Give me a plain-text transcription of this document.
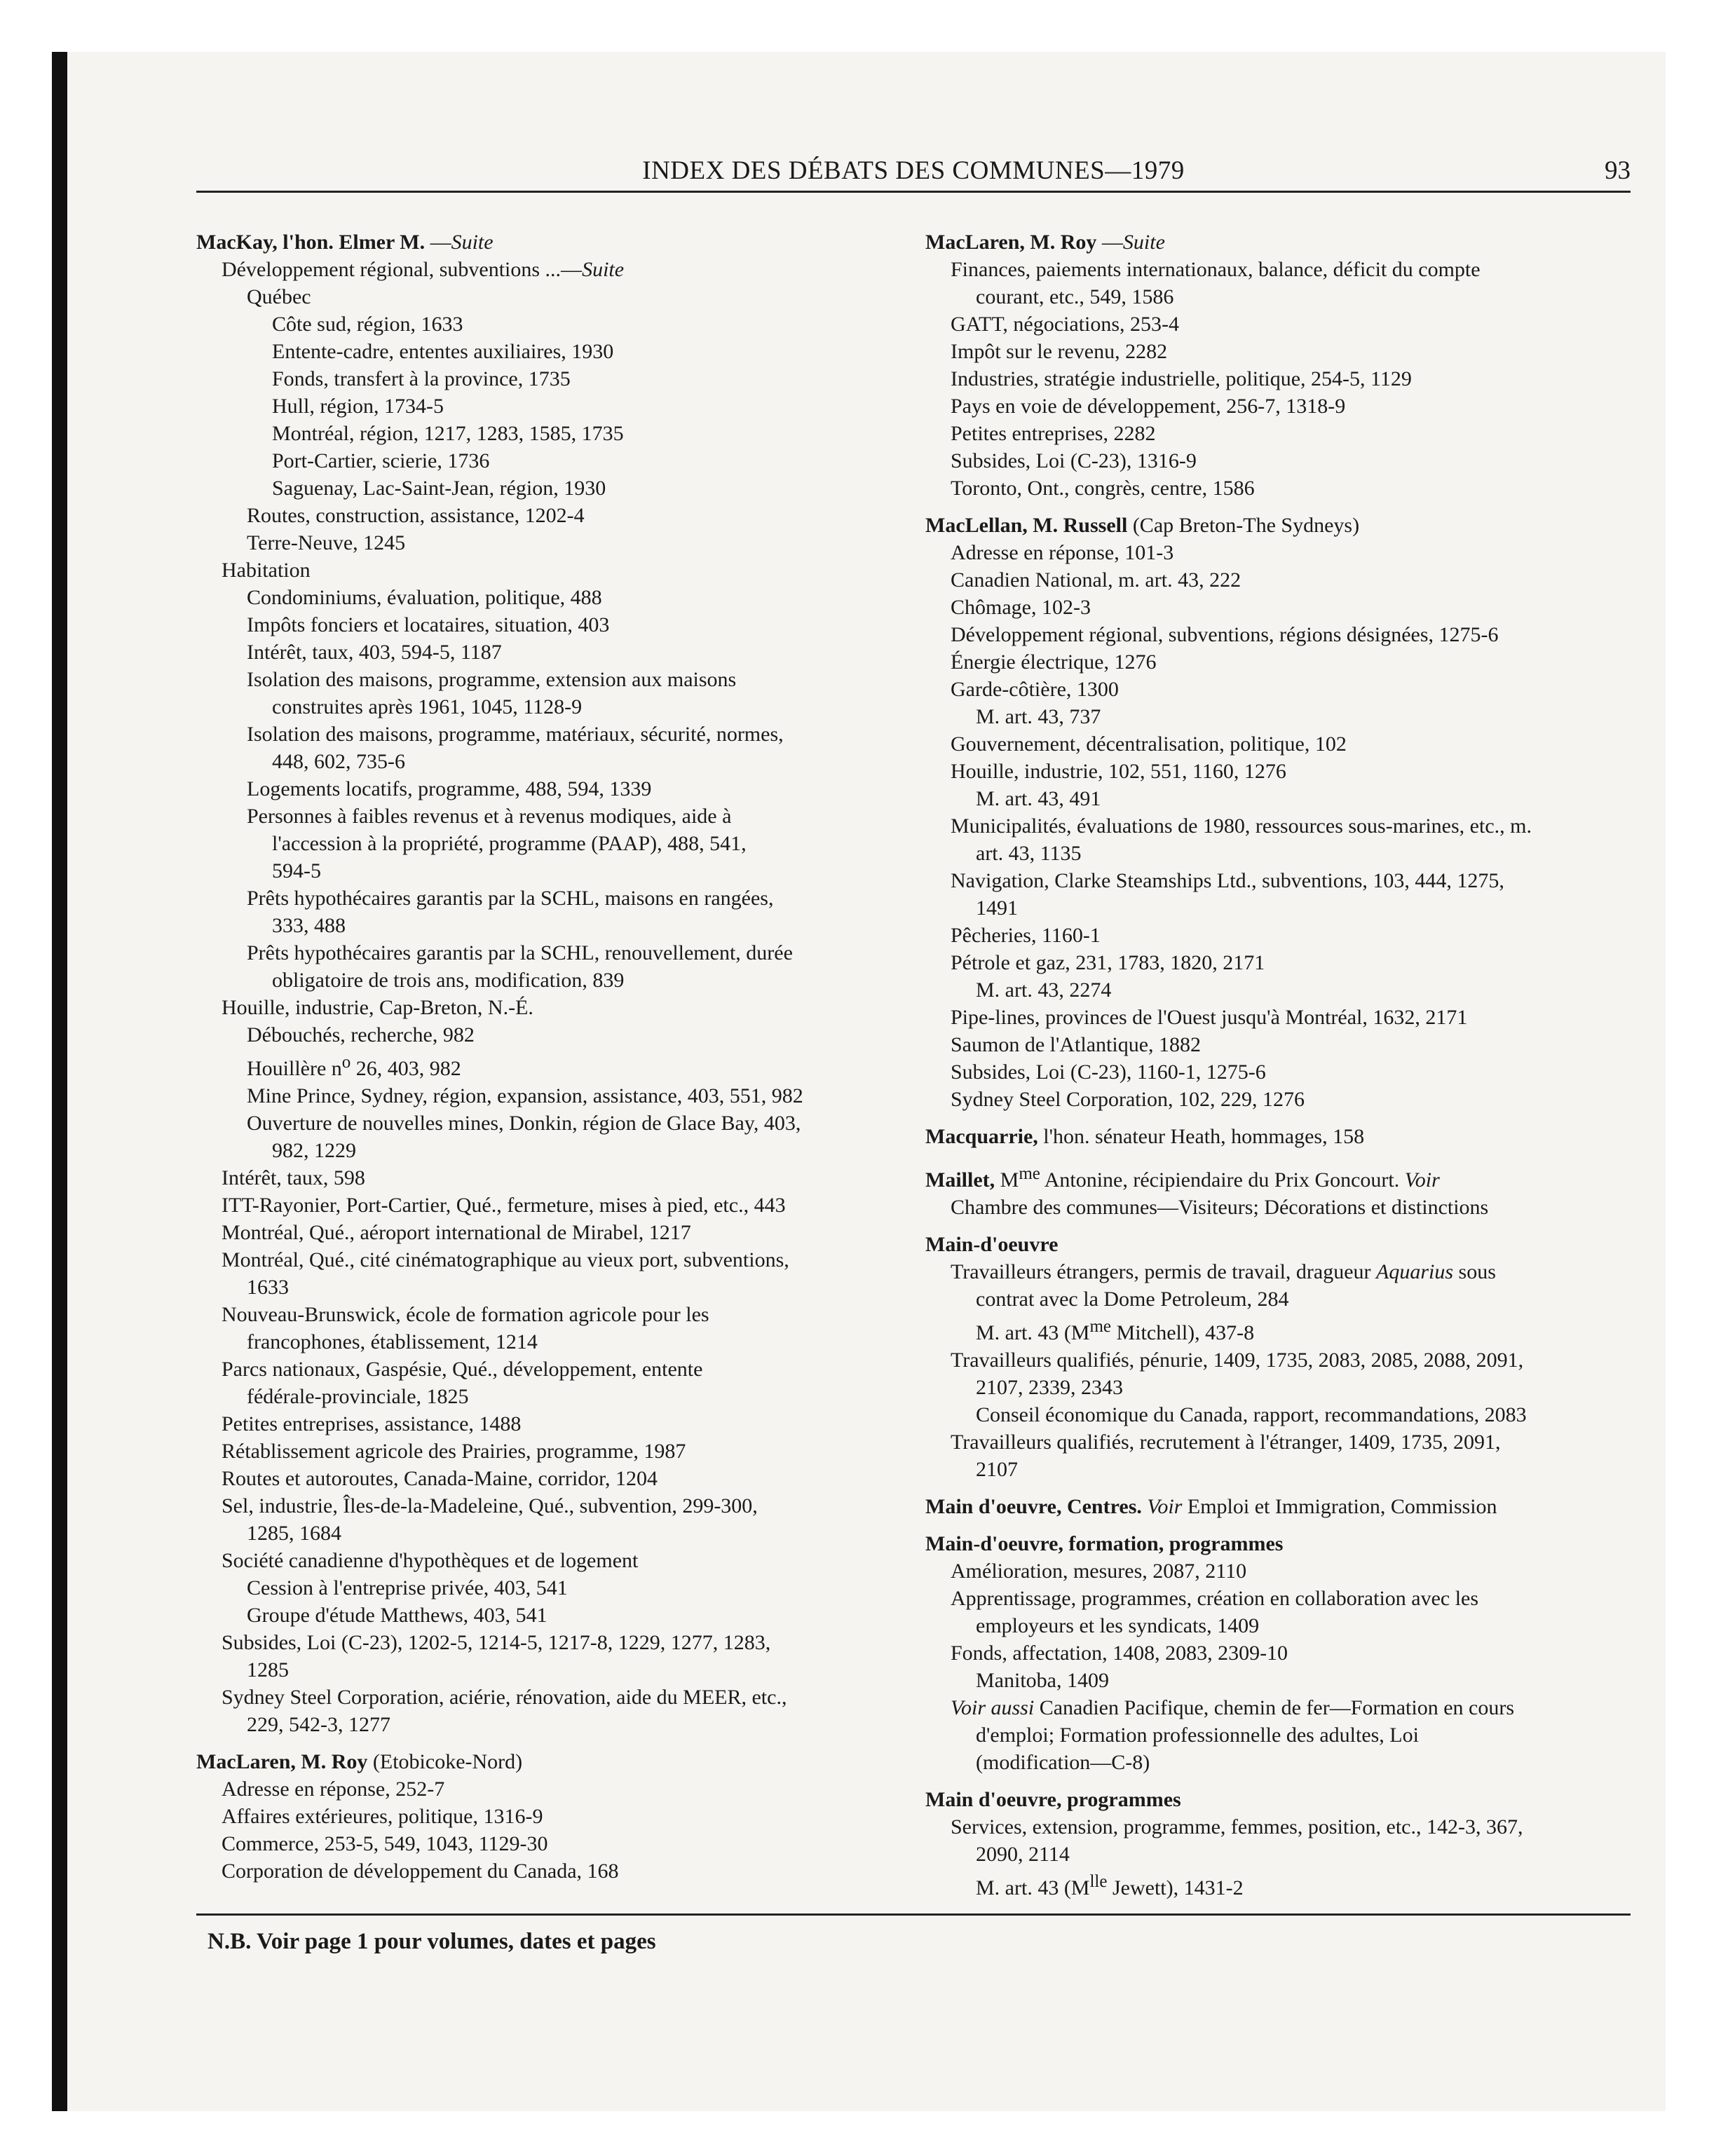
INDEX DES DÉBATS DES COMMUNES—1979	93
MacKay, l'hon. Elmer M. —Suite
Développement régional, subventions ...—Suite
Québec
Côte sud, région, 1633
Entente-cadre, ententes auxiliaires, 1930
Fonds, transfert à la province, 1735
Hull, région, 1734-5
Montréal, région, 1217, 1283, 1585, 1735
Port-Cartier, scierie, 1736
Saguenay, Lac-Saint-Jean, région, 1930
Routes, construction, assistance, 1202-4
Terre-Neuve, 1245
Habitation
Condominiums, évaluation, politique, 488
Impôts fonciers et locataires, situation, 403
Intérêt, taux, 403, 594-5, 1187
Isolation des maisons, programme, extension aux maisons
construites après 1961, 1045, 1128-9
Isolation des maisons, programme, matériaux, sécurité, normes,
448, 602, 735-6
Logements locatifs, programme, 488, 594, 1339
Personnes à faibles revenus et à revenus modiques, aide à
l'accession à la propriété, programme (PAAP), 488, 541,
594-5
Prêts hypothécaires garantis par la SCHL, maisons en rangées,
333, 488
Prêts hypothécaires garantis par la SCHL, renouvellement, durée
obligatoire de trois ans, modification, 839
Houille, industrie, Cap-Breton, N.-É.
Débouchés, recherche, 982
Houillère $n^o$ 26, 403, 982
Mine Prince, Sydney, région, expansion, assistance, 403, 551, 982
Ouverture de nouvelles mines, Donkin, région de Glace Bay, 403,
982, 1229
Intérêt, taux, 598
ITT-Rayonier, Port-Cartier, Qué., fermeture, mises à pied, etc., 443
Montréal, Qué., aéroport international de Mirabel, 1217
Montréal, Qué., cité cinématographique au vieux port, subventions,
1633
Nouveau-Brunswick, école de formation agricole pour les
francophones, établissement, 1214
Parcs nationaux, Gaspésie, Qué., développement, entente
fédérale-provinciale, 1825
Petites entreprises, assistance, 1488
Rétablissement agricole des Prairies, programme, 1987
Routes et autoroutes, Canada-Maine, corridor, 1204
Sel, industrie, Îles-de-la-Madeleine, Qué., subvention, 299-300,
1285, 1684
Société canadienne d'hypothèques et de logement
Cession à l'entreprise privée, 403, 541
Groupe d'étude Matthews, 403, 541
Subsides, Loi (C-23), 1202-5, 1214-5, 1217-8, 1229, 1277, 1283,
1285
Sydney Steel Corporation, aciérie, rénovation, aide du MEER, etc.,
229, 542-3, 1277
MacLaren, M. Roy (Etobicoke-Nord)
Adresse en réponse, 252-7
Affaires extérieures, politique, 1316-9
Commerce, 253-5, 549, 1043, 1129-30
Corporation de développement du Canada, 168
MacLaren, M. Roy —Suite
Finances, paiements internationaux, balance, déficit du compte
courant, etc., 549, 1586
GATT, négociations, 253-4
Impôt sur le revenu, 2282
Industries, stratégie industrielle, politique, 254-5, 1129
Pays en voie de développement, 256-7, 1318-9
Petites entreprises, 2282
Subsides, Loi (C-23), 1316-9
Toronto, Ont., congrès, centre, 1586
MacLellan, M. Russell (Cap Breton-The Sydneys)
Adresse en réponse, 101-3
Canadien National, m. art. 43, 222
Chômage, 102-3
Développement régional, subventions, régions désignées, 1275-6
Énergie électrique, 1276
Garde-côtière, 1300
M. art. 43, 737
Gouvernement, décentralisation, politique, 102
Houille, industrie, 102, 551, 1160, 1276
M. art. 43, 491
Municipalités, évaluations de 1980, ressources sous-marines, etc., m.
art. 43, 1135
Navigation, Clarke Steamships Ltd., subventions, 103, 444, 1275,
1491
Pêcheries, 1160-1
Pétrole et gaz, 231, 1783, 1820, 2171
M. art. 43, 2274
Pipe-lines, provinces de l'Ouest jusqu'à Montréal, 1632, 2171
Saumon de l'Atlantique, 1882
Subsides, Loi (C-23), 1160-1, 1275-6
Sydney Steel Corporation, 102, 229, 1276
Macquarrie, l'hon. sénateur Heath, hommages, 158
Maillet, $M^{me}$ Antonine, récipiendaire du Prix Goncourt. Voir
Chambre des communes—Visiteurs; Décorations et distinctions
Main-d'oeuvre
Travailleurs étrangers, permis de travail, dragueur Aquarius sous
contrat avec la Dome Petroleum, 284
M. art. 43 ($M^{me}$ Mitchell), 437-8
Travailleurs qualifiés, pénurie, 1409, 1735, 2083, 2085, 2088, 2091,
2107, 2339, 2343
Conseil économique du Canada, rapport, recommandations, 2083
Travailleurs qualifiés, recrutement à l'étranger, 1409, 1735, 2091,
2107
Main d'oeuvre, Centres. Voir Emploi et Immigration, Commission
Main-d'oeuvre, formation, programmes
Amélioration, mesures, 2087, 2110
Apprentissage, programmes, création en collaboration avec les
employeurs et les syndicats, 1409
Fonds, affectation, 1408, 2083, 2309-10
Manitoba, 1409
Voir aussi Canadien Pacifique, chemin de fer—Formation en cours
d'emploi; Formation professionnelle des adultes, Loi
(modification—C-8)
Main d'oeuvre, programmes
Services, extension, programme, femmes, position, etc., 142-3, 367,
2090, 2114
M. art. 43 ($M^{lle}$ Jewett), 1431-2
N.B. Voir page 1 pour volumes, dates et pages
